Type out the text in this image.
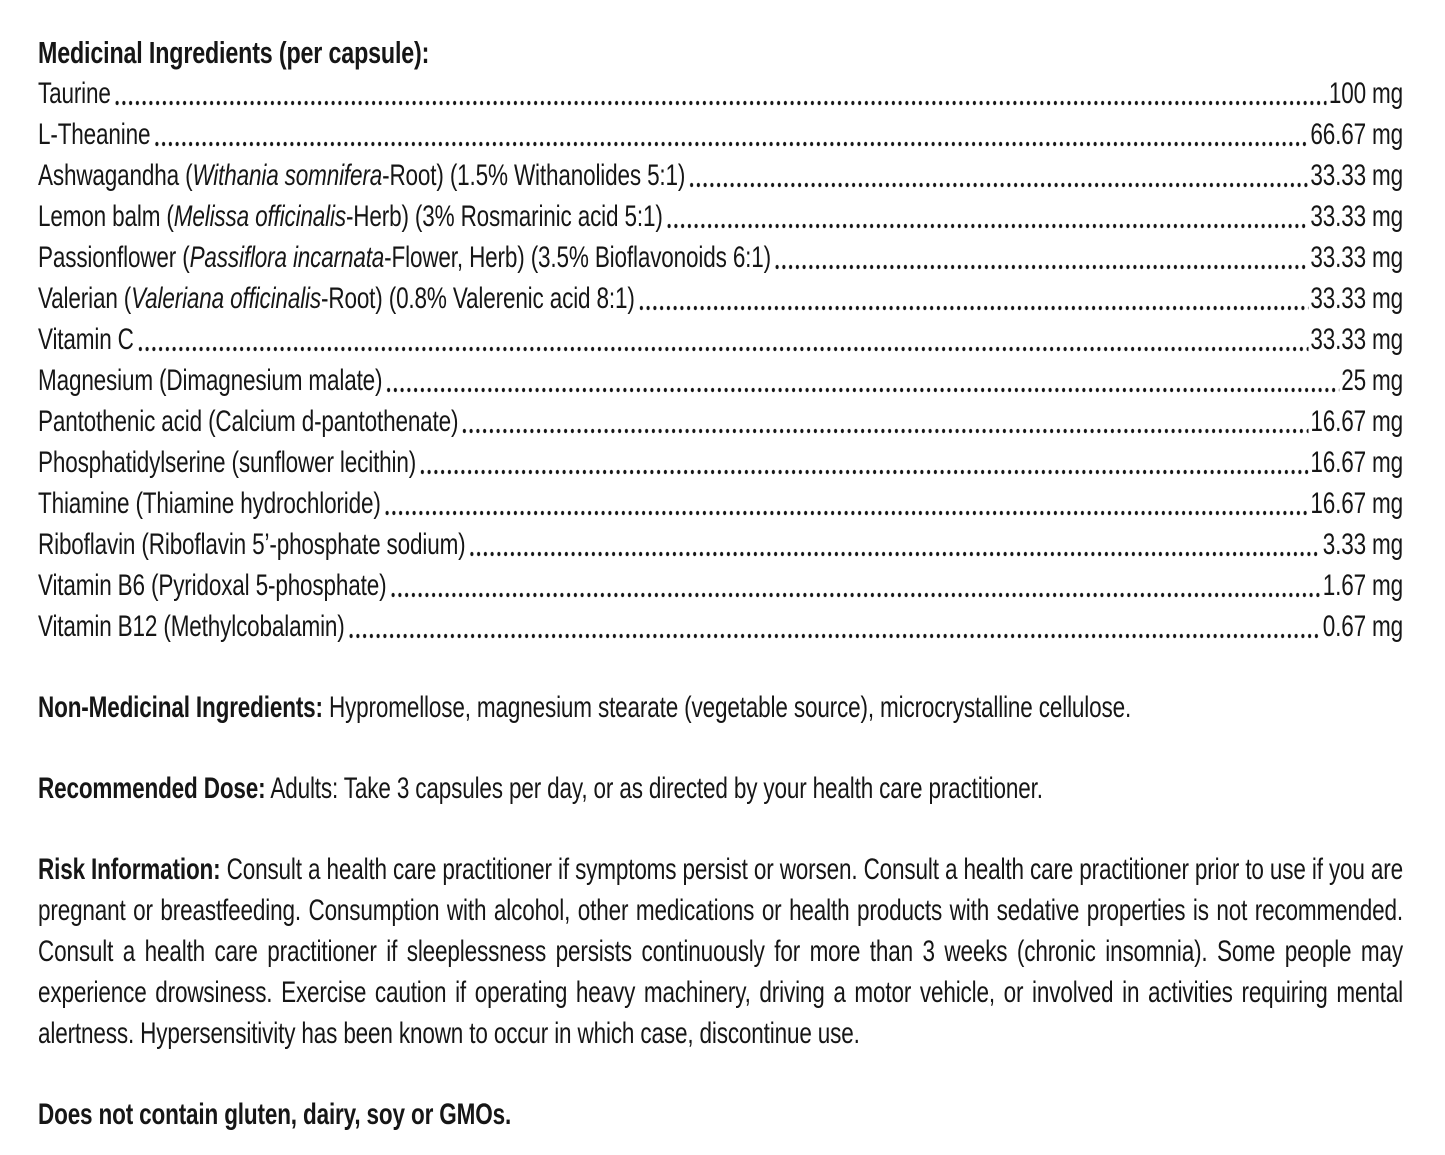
Medicinal Ingredients (per capsule):
Taurine	100 mg
L-Theanine	66.67 mg
Ashwagandha (Withania somnifera-Root) (1.5% Withanolides 5:1)	33.33 mg
Lemon balm (Melissa officinalis-Herb) (3% Rosmarinic acid 5:1)	33.33 mg
Passionflower (Passiflora incarnata-Flower, Herb) (3.5% Bioflavonoids 6:1)	33.33 mg
Valerian (Valeriana officinalis-Root) (0.8% Valerenic acid 8:1)	33.33 mg
Vitamin C	33.33 mg
Magnesium (Dimagnesium malate)	25 mg
Pantothenic acid (Calcium d-pantothenate)	16.67 mg
Phosphatidylserine (sunflower lecithin)	16.67 mg
Thiamine (Thiamine hydrochloride)	16.67 mg
Riboflavin (Riboflavin 5’-phosphate sodium)	3.33 mg
Vitamin B6 (Pyridoxal 5-phosphate)	1.67 mg
Vitamin B12 (Methylcobalamin)	0.67 mg

Non-Medicinal Ingredients: Hypromellose, magnesium stearate (vegetable source), microcrystalline cellulose.

Recommended Dose: Adults: Take 3 capsules per day, or as directed by your health care practitioner.

Risk Information: Consult a health care practitioner if symptoms persist or worsen. Consult a health care practitioner prior to use if you are pregnant or breastfeeding. Consumption with alcohol, other medications or health products with sedative properties is not recommended. Consult a health care practitioner if sleeplessness persists continuously for more than 3 weeks (chronic insomnia). Some people may experience drowsiness. Exercise caution if operating heavy machinery, driving a motor vehicle, or involved in activities requiring mental alertness. Hypersensitivity has been known to occur in which case, discontinue use.

Does not contain gluten, dairy, soy or GMOs.
